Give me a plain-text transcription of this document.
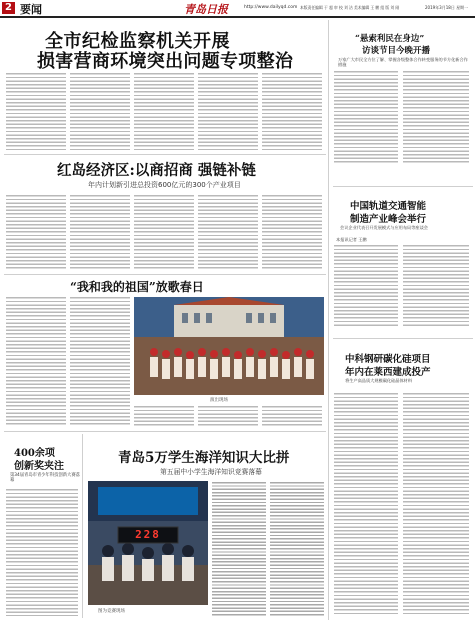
2 要闻	青岛日报	http://www.dailyqd.com 本版责任编辑 于 超 审 校 刘 洁 美术编辑 王 鹏 组 版 刘 刚	2019年3月18日 星期一
全市纪检监察机关开展
损害营商环境突出问题专项整治
“悬索利民在身边”
访谈节目今晚开播
万家广大市民全方位了解、掌握各级整体合作转变服务的节方化新合作措施
红岛经济区:以商招商 强链补链
年内计划新引进总投资600亿元的300个产业项目
中国轨道交通智能
制造产业峰会举行
会议企业代表召开发展模式与应用布局等座谈会
本报讯记者 王鹏
“我和我的祖国”放歌春日
演出现场
中科钢研碳化硅项目
年内在莱西建成投产
将生产高品质大规模碳化硅晶体材料
400余项
创新奖夹注
第34届青岛市青少年科技创新大赛落幕
青岛5万学生海洋知识大比拼
第五届中小学生海洋知识竞赛落幕
228
图为竞赛现场
